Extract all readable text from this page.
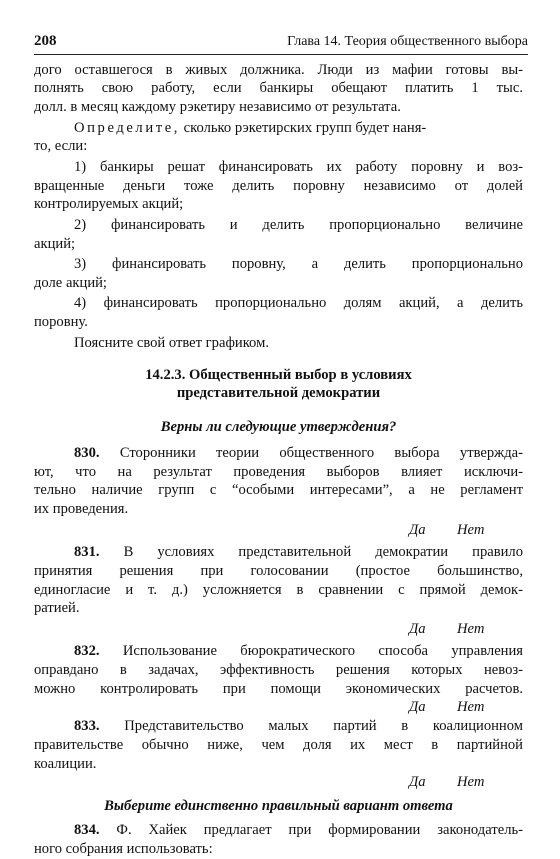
208	Глава 14. Теория общественного выбора
дого оставшегося в живых должника. Люди из мафии готовы вы-
полнять свою работу, если банкиры обещают платить 1 тыс.
долл. в месяц каждому рэкетиру независимо от результата.
Определите, сколько рэкетирских групп будет наня-
то, если:
1) банкиры решат финансировать их работу поровну и воз-
вращенные деньги тоже делить поровну независимо от долей
контролируемых акций;
2) финансировать и делить пропорционально величине
акций;
3) финансировать поровну, а делить пропорционально
доле акций;
4) финансировать пропорционально долям акций, а делить
поровну.
Поясните свой ответ графиком.
14.2.3. Общественный выбор в условиях
представительной демократии
Верны ли следующие утверждения?
830. Сторонники теории общественного выбора утвержда-
ют, что на результат проведения выборов влияет исключи-
тельно наличие групп с “особыми интересами”, а не регламент
их проведения.
Да Нет
831. В условиях представительной демократии правило
принятия решения при голосовании (простое большинство,
единогласие и т. д.) усложняется в сравнении с прямой демок-
ратией.
Да Нет
832. Использование бюрократического способа управления
оправдано в задачах, эффективность решения которых невоз-
можно контролировать при помощи экономических расчетов.
Да Нет
833. Представительство малых партий в коалиционном
правительстве обычно ниже, чем доля их мест в партийной
коалиции.
Да Нет
Выберите единственно правильный вариант ответа
834. Ф. Хайек предлагает при формировании законодатель-
ного собрания использовать:
